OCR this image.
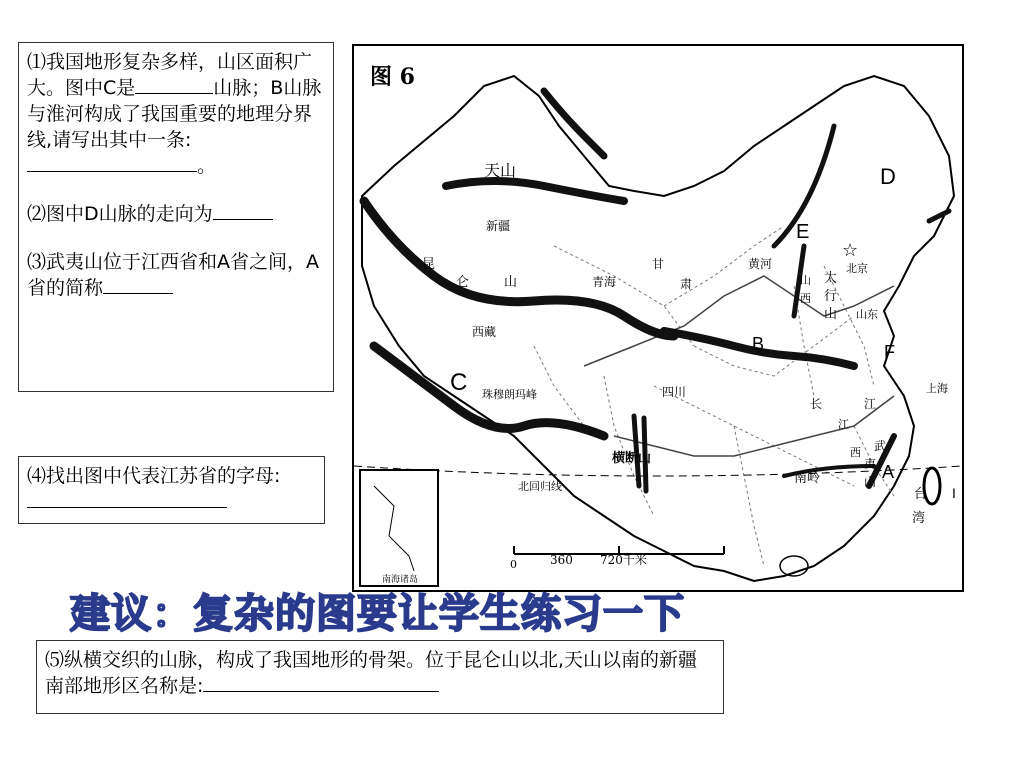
⑴我国地形复杂多样，山区面积广大。图中C是	山脉；B山脉与淮河构成了我国重要的地理分界线,请写出其中一条:。
⑵图中D山脉的走向为
⑶武夷山位于江西省和A省之间，A省的简称
⑷找出图中代表江苏省的字母:
☆
图 6
天山
新疆
昆
仑	山	青海
甘
肃
西藏
珠穆朗玛峰	四川
横断山
黄河
山
西
太
行
山
北京
山东
长	江
江
西 武
夷
山
南岭
上海
台
湾
北回归线
南海诸岛
0	360 720千米
A
B
C
D
E
F
I
建议：复杂的图要让学生练习一下
⑸纵横交织的山脉，构成了我国地形的骨架。位于昆仑山以北,天山以南的新疆南部地形区名称是:
